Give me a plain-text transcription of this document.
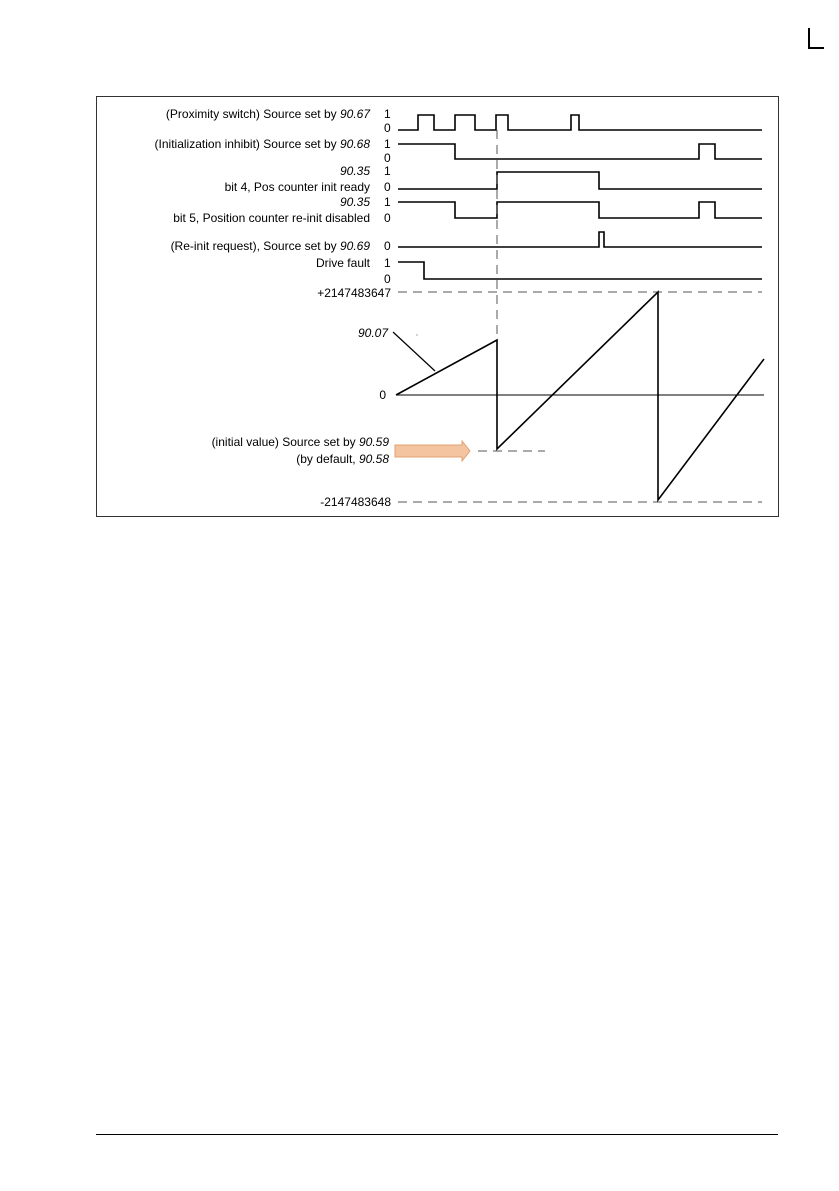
(Proximity switch) Source set by 90.67 1
0
(Initialization inhibit) Source set by 90.68 1
0
90.35
bit 4, Pos counter init ready
1
0
90.35
bit 5, Position counter re-init disabled
1
0
(Re-init request), Source set by 90.69 0
Drive fault 1
0
+2147483647
90.07
0
(initial value) Source set by 90.59
(by default, 90.58
-2147483648
